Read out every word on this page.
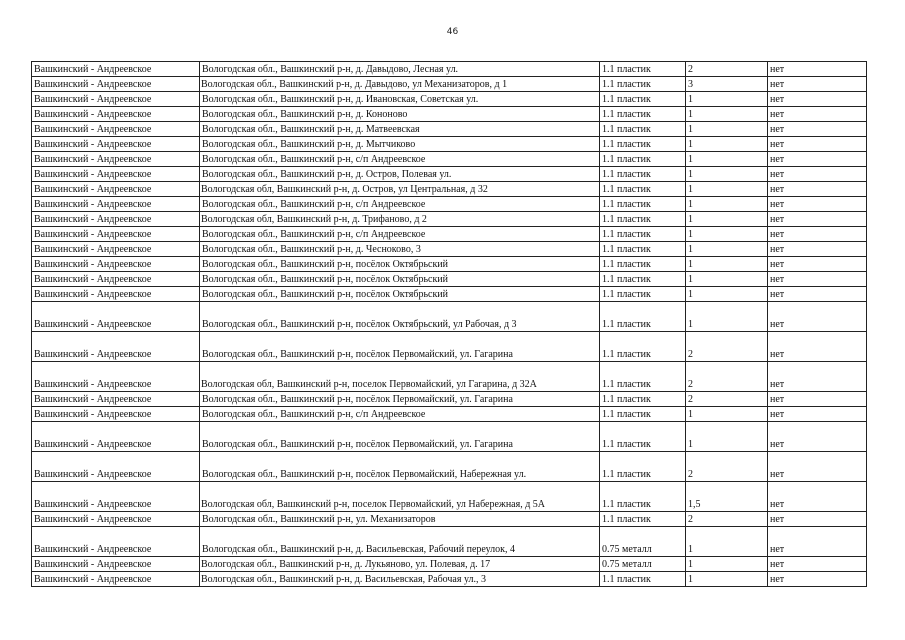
46
Вашкинский - Андреевское	Вологодская обл., Вашкинский р-н, д. Давыдово, Лесная ул.	1.1 пластик	2	нет
Вашкинский - Андреевское	Вологодская обл., Вашкинский р-н, д. Давыдово, ул Механизаторов, д 1	1.1 пластик	3	нет
Вашкинский - Андреевское	Вологодская обл., Вашкинский р-н, д. Ивановская, Советская ул.	1.1 пластик	1	нет
Вашкинский - Андреевское	Вологодская обл., Вашкинский р-н, д. Кононово	1.1 пластик	1	нет
Вашкинский - Андреевское	Вологодская обл., Вашкинский р-н, д. Матвеевская	1.1 пластик	1	нет
Вашкинский - Андреевское	Вологодская обл., Вашкинский р-н, д. Мытчиково	1.1 пластик	1	нет
Вашкинский - Андреевское	Вологодская обл., Вашкинский р-н, с/п Андреевское	1.1 пластик	1	нет
Вашкинский - Андреевское	Вологодская обл., Вашкинский р-н, д. Остров, Полевая ул.	1.1 пластик	1	нет
Вашкинский - Андреевское	Вологодская обл, Вашкинский р-н, д. Остров, ул Центральная, д 32	1.1 пластик	1	нет
Вашкинский - Андреевское	Вологодская обл., Вашкинский р-н, с/п Андреевское	1.1 пластик	1	нет
Вашкинский - Андреевское	Вологодская обл, Вашкинский р-н, д. Трифаново, д 2	1.1 пластик	1	нет
Вашкинский - Андреевское	Вологодская обл., Вашкинский р-н, с/п Андреевское	1.1 пластик	1	нет
Вашкинский - Андреевское	Вологодская обл., Вашкинский р-н, д. Чесноково, 3	1.1 пластик	1	нет
Вашкинский - Андреевское	Вологодская обл., Вашкинский р-н, посёлок Октябрьский	1.1 пластик	1	нет
Вашкинский - Андреевское	Вологодская обл., Вашкинский р-н, посёлок Октябрьский	1.1 пластик	1	нет
Вашкинский - Андреевское	Вологодская обл., Вашкинский р-н, посёлок Октябрьский	1.1 пластик	1	нет
Вашкинский - Андреевское	Вологодская обл., Вашкинский р-н, посёлок Октябрьский, ул Рабочая, д 3	1.1 пластик	1	нет
Вашкинский - Андреевское	Вологодская обл., Вашкинский р-н, посёлок Первомайский, ул. Гагарина	1.1 пластик	2	нет
Вашкинский - Андреевское	Вологодская обл, Вашкинский р-н, поселок Первомайский, ул Гагарина, д 32А	1.1 пластик	2	нет
Вашкинский - Андреевское	Вологодская обл., Вашкинский р-н, посёлок Первомайский, ул. Гагарина	1.1 пластик	2	нет
Вашкинский - Андреевское	Вологодская обл., Вашкинский р-н, с/п Андреевское	1.1 пластик	1	нет
Вашкинский - Андреевское	Вологодская обл., Вашкинский р-н, посёлок Первомайский, ул. Гагарина	1.1 пластик	1	нет
Вашкинский - Андреевское	Вологодская обл., Вашкинский р-н, посёлок Первомайский, Набережная ул.	1.1 пластик	2	нет
Вашкинский - Андреевское	Вологодская обл, Вашкинский р-н, поселок Первомайский, ул Набережная, д 5А	1.1 пластик	1,5	нет
Вашкинский - Андреевское	Вологодская обл., Вашкинский р-н, ул. Механизаторов	1.1 пластик	2	нет
Вашкинский - Андреевское	Вологодская обл., Вашкинский р-н, д. Васильевская, Рабочий переулок, 4	0.75 металл	1	нет
Вашкинский - Андреевское	Вологодская обл., Вашкинский р-н, д. Лукьяново, ул. Полевая, д. 17	0.75 металл	1	нет
Вашкинский - Андреевское	Вологодская обл., Вашкинский р-н, д. Васильевская, Рабочая ул., 3	1.1 пластик	1	нет
